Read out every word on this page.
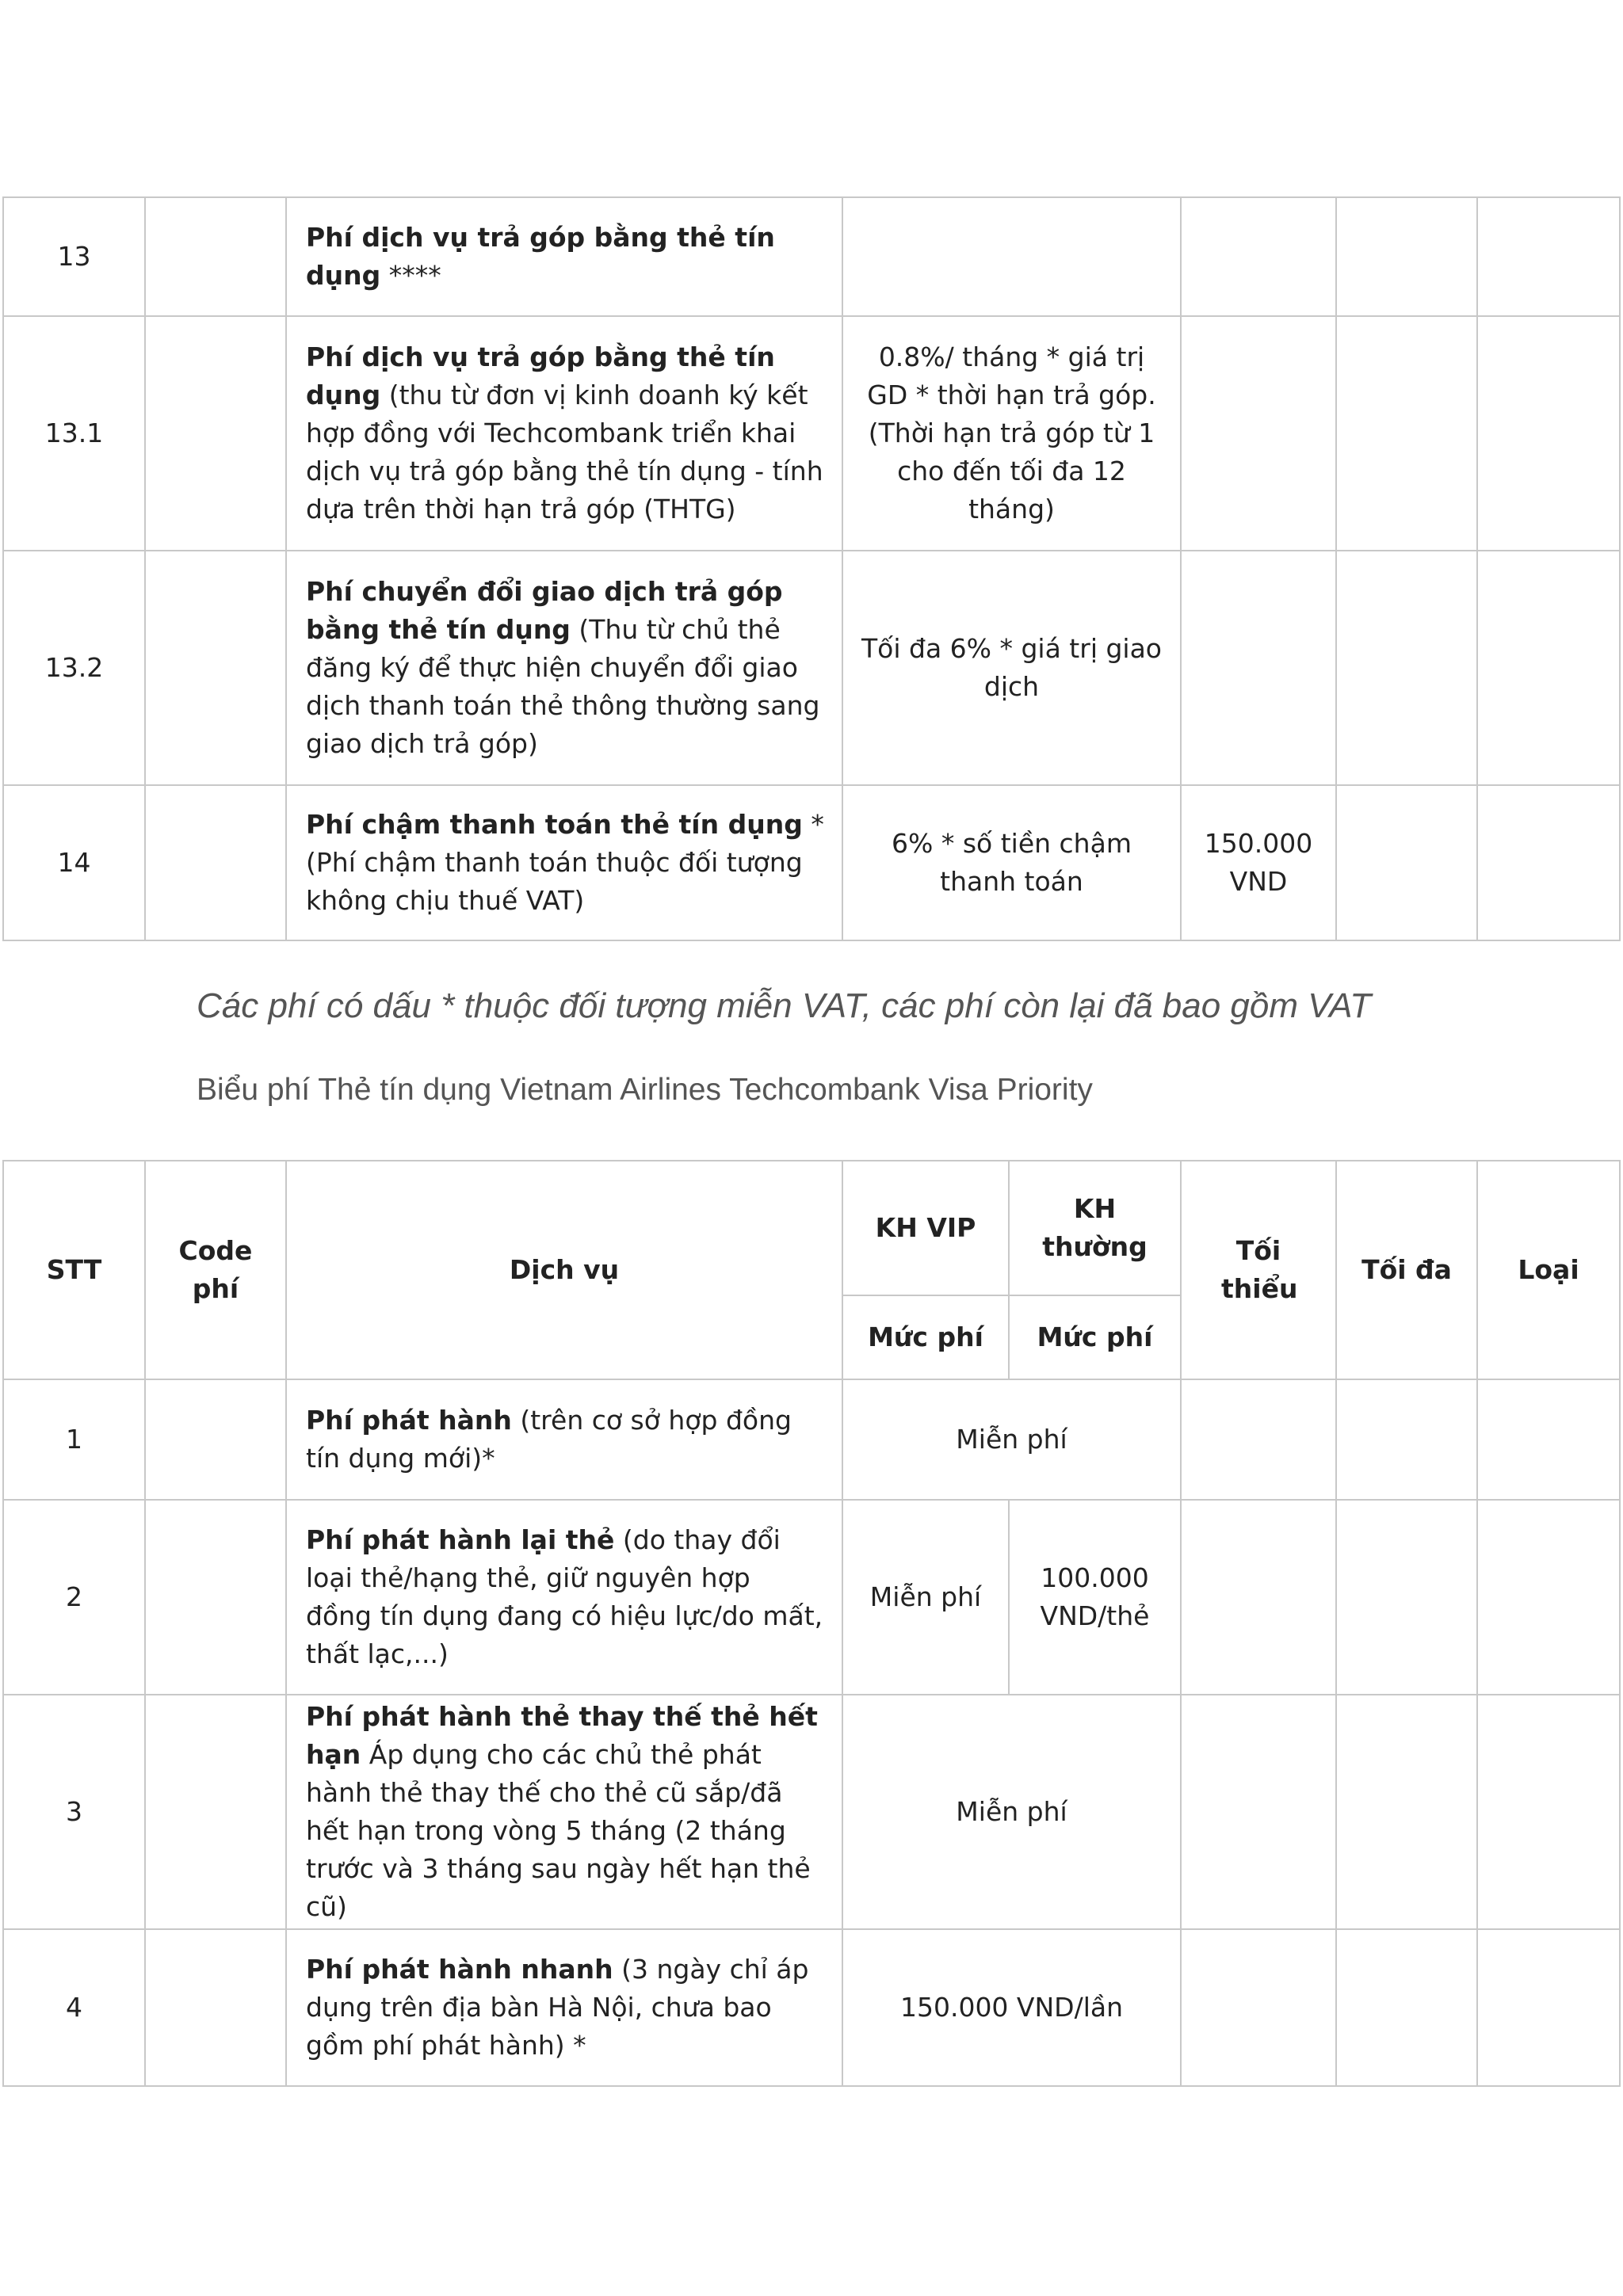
13		Phí dịch vụ trả góp bằng thẻ tín dụng ****				
13.1		Phí dịch vụ trả góp bằng thẻ tín dụng (thu từ đơn vị kinh doanh ký kết hợp đồng với Techcombank triển khai dịch vụ trả góp bằng thẻ tín dụng - tính dựa trên thời hạn trả góp (THTG)	0.8%/ tháng * giá trị GD * thời hạn trả góp. (Thời hạn trả góp từ 1 cho đến tối đa 12 tháng)			
13.2		Phí chuyển đổi giao dịch trả góp bằng thẻ tín dụng (Thu từ chủ thẻ đăng ký để thực hiện chuyển đổi giao dịch thanh toán thẻ thông thường sang giao dịch trả góp)	Tối đa 6% * giá trị giao dịch			
14		Phí chậm thanh toán thẻ tín dụng * (Phí chậm thanh toán thuộc đối tượng không chịu thuế VAT)	6% * số tiền chậm thanh toán	150.000 VND		
Các phí có dấu * thuộc đối tượng miễn VAT, các phí còn lại đã bao gồm VAT
Biểu phí Thẻ tín dụng Vietnam Airlines Techcombank Visa Priority
STT	Code phí	Dịch vụ	KH VIP	KH thường	Tối thiểu	Tối đa	Loại
			Mức phí	Mức phí			
1		Phí phát hành (trên cơ sở hợp đồng tín dụng mới)*	Miễn phí				
2		Phí phát hành lại thẻ (do thay đổi loại thẻ/hạng thẻ, giữ nguyên hợp đồng tín dụng đang có hiệu lực/do mất, thất lạc,...)	Miễn phí	100.000 VND/thẻ			
3		Phí phát hành thẻ thay thế thẻ hết hạn Áp dụng cho các chủ thẻ phát hành thẻ thay thế cho thẻ cũ sắp/đã hết hạn trong vòng 5 tháng (2 tháng trước và 3 tháng sau ngày hết hạn thẻ cũ)	Miễn phí				
4		Phí phát hành nhanh (3 ngày chỉ áp dụng trên địa bàn Hà Nội, chưa bao gồm phí phát hành) *	150.000 VND/lần				
